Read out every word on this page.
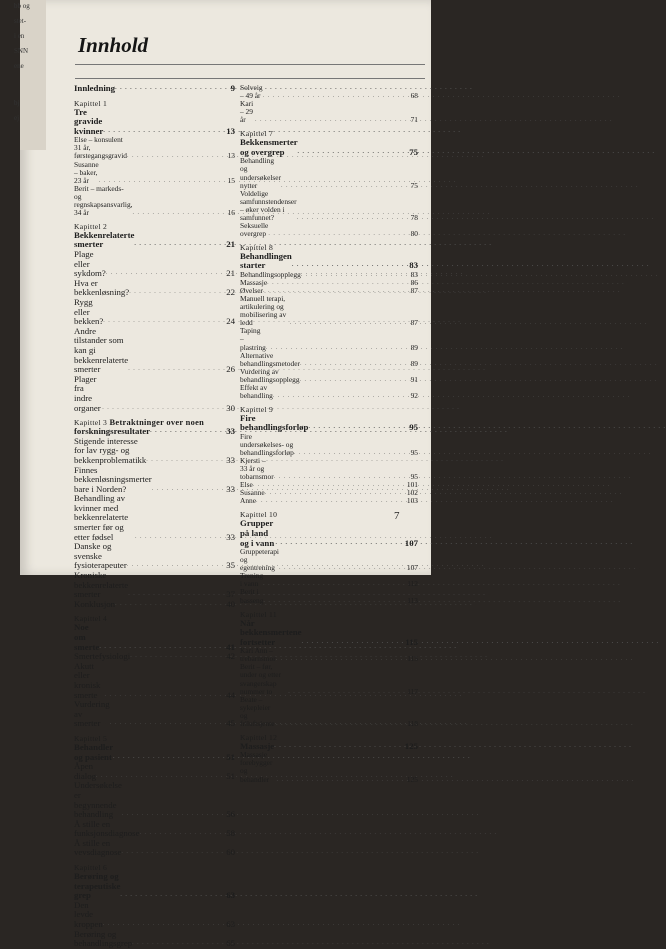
bb og
stet-
i en
SNN
ene
bj
ej
Innhold
Innledning . . .	9
Kapittel 1
Tre gravide kvinner . . .	13
Else – konsulent 31 år, førstegangsgravid . . .	13
Susanne – baker, 23 år . . .	15
Berit – markeds- og regnskapsansvarlig, 34 år . . .	16
Kapittel 2
Bekkenrelaterte smerter . . .	21
Plage eller sykdom? . . .	21
Hva er bekkenløsning? . . .	22
Rygg eller bekken? . . .	24
Andre tilstander som kan gi bekkenrelaterte smerter . . .	26
Plager fra indre organer . . .	30
Kapittel 3 Betraktninger over noen
forskningsresultater . . .	33
Stigende interesse for lav rygg- og bekkenproblematikk . . .	33
Finnes bekkenløsningsmerter bare i Norden? . . .	33
Behandling av kvinner med bekkenrelaterte smerter før og etter fødsel . . .	33
Danske og svenske fysioterapeuter . . .	35
Kroniske bekkenrelaterte smerter . . .	37
Konklusjon . . .	40
Kapittel 4
Noe om smerte . . .	41
Smertefysiologi . . .	42
Akutt eller kronisk smerte . . .	44
Vurdering av smerter . . .	45
Kapittel 5
Behandler og pasient . . .	51
Åpen dialog . . .	51
Undersøkelse er begynnende behandling . . .	56
Å stille en funksjonsdiagnose . . .	58
Å stille en vevsdiagnose . . .	60
Kapittel 6
Berøring og terapeutiske grep . . .	63
Den levde kroppen . . .	63
Berøring og behandlingsgrep . . .	65
Solveig – 49 år . . .	68
Kari – 29 år . . .	71
Kapittel 7
Bekkensmerter og overgrep . . .	75
Behandling og undersøkelser nytter . . .	75
Voldelige samfunnstendenser – øker volden i samfunnet? . . .	78
Seksuelle overgrep . . .	80
Kapittel 8
Behandlingen starter . . .	83
Behandlingsopplegg . . .	83
Massasje . . .	86
Øvelser . . .	87
Manuell terapi, artikulering og mobilisering av ledd . . .	87
Taping – plastring . . .	89
Alternative behandlingsmetoder . . .	89
Vurdering av behandlingsopplegg . . .	91
Effekt av behandling . . .	92
Kapittel 9
Fire behandlingsforløp . . .	95
Fire undersøkelses- og behandlingsforløp . . .	95
Kjersti – 33 år og tobarnsmor . . .	95
Else . . .	101
Susanne . . .	102
Anne . . .	103
Kapittel 10
Grupper på land og i vann . . .	107
Gruppeterapi og egentrening . . .	107
Trening i vann . . .	112
Berit i basseng . . .	113
Kapittel 11
Når bekkensmertene fortsetter . . .	115
Kari Ann – trebarnsmor . . .	115
Berit – før, under og etter svangerskap nummer to . . .	117
Beate – sykepleier og friluftsjente . . .	118
Kapittel 12
Massasje . . .	125
Massasje forebygger og behandler . . .	125
7
